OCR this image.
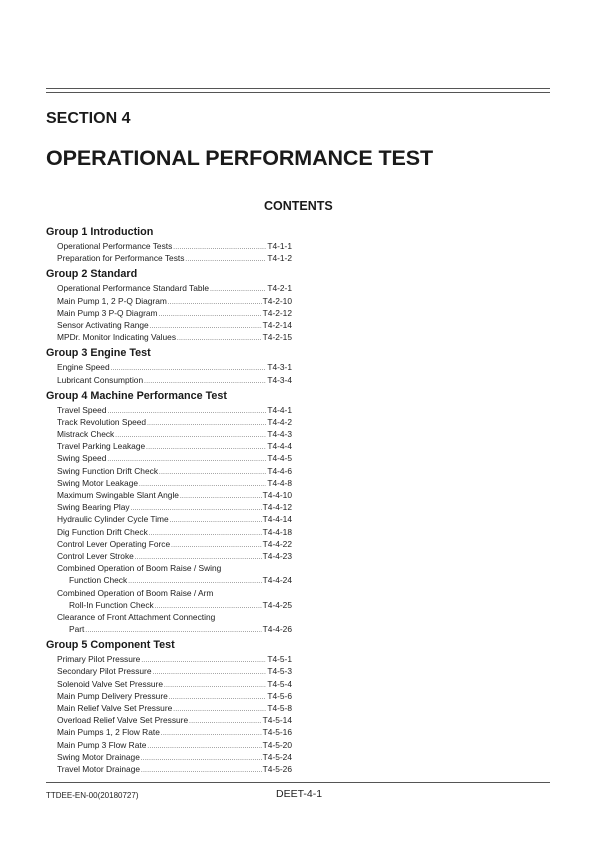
SECTION 4
OPERATIONAL PERFORMANCE TEST
CONTENTS
Group 1 Introduction
Operational Performance Tests .....	T4-1-1
Preparation for Performance Tests .....	T4-1-2
Group 2 Standard
Operational Performance Standard Table .....	T4-2-1
Main Pump 1, 2 P-Q Diagram .....	T4-2-10
Main Pump 3 P-Q Diagram .....	T4-2-12
Sensor Activating Range .....	T4-2-14
MPDr. Monitor Indicating Values .....	T4-2-15
Group 3 Engine Test
Engine Speed .....	T4-3-1
Lubricant Consumption .....	T4-3-4
Group 4 Machine Performance Test
Travel Speed .....	T4-4-1
Track Revolution Speed .....	T4-4-2
Mistrack Check .....	T4-4-3
Travel Parking Leakage .....	T4-4-4
Swing Speed .....	T4-4-5
Swing Function Drift Check .....	T4-4-6
Swing Motor Leakage .....	T4-4-8
Maximum Swingable Slant Angle .....	T4-4-10
Swing Bearing Play .....	T4-4-12
Hydraulic Cylinder Cycle Time .....	T4-4-14
Dig Function Drift Check .....	T4-4-18
Control Lever Operating Force .....	T4-4-22
Control Lever Stroke .....	T4-4-23
Combined Operation of Boom Raise / Swing
Function Check .....	T4-4-24
Combined Operation of Boom Raise / Arm
Roll-In Function Check .....	T4-4-25
Clearance of Front Attachment Connecting
Part .....	T4-4-26
Group 5 Component Test
Primary Pilot Pressure .....	T4-5-1
Secondary Pilot Pressure .....	T4-5-3
Solenoid Valve Set Pressure .....	T4-5-4
Main Pump Delivery Pressure .....	T4-5-6
Main Relief Valve Set Pressure .....	T4-5-8
Overload Relief Valve Set Pressure .....	T4-5-14
Main Pumps 1, 2 Flow Rate .....	T4-5-16
Main Pump 3 Flow Rate .....	T4-5-20
Swing Motor Drainage .....	T4-5-24
Travel Motor Drainage .....	T4-5-26
TTDEE-EN-00(20180727)	DEET-4-1
